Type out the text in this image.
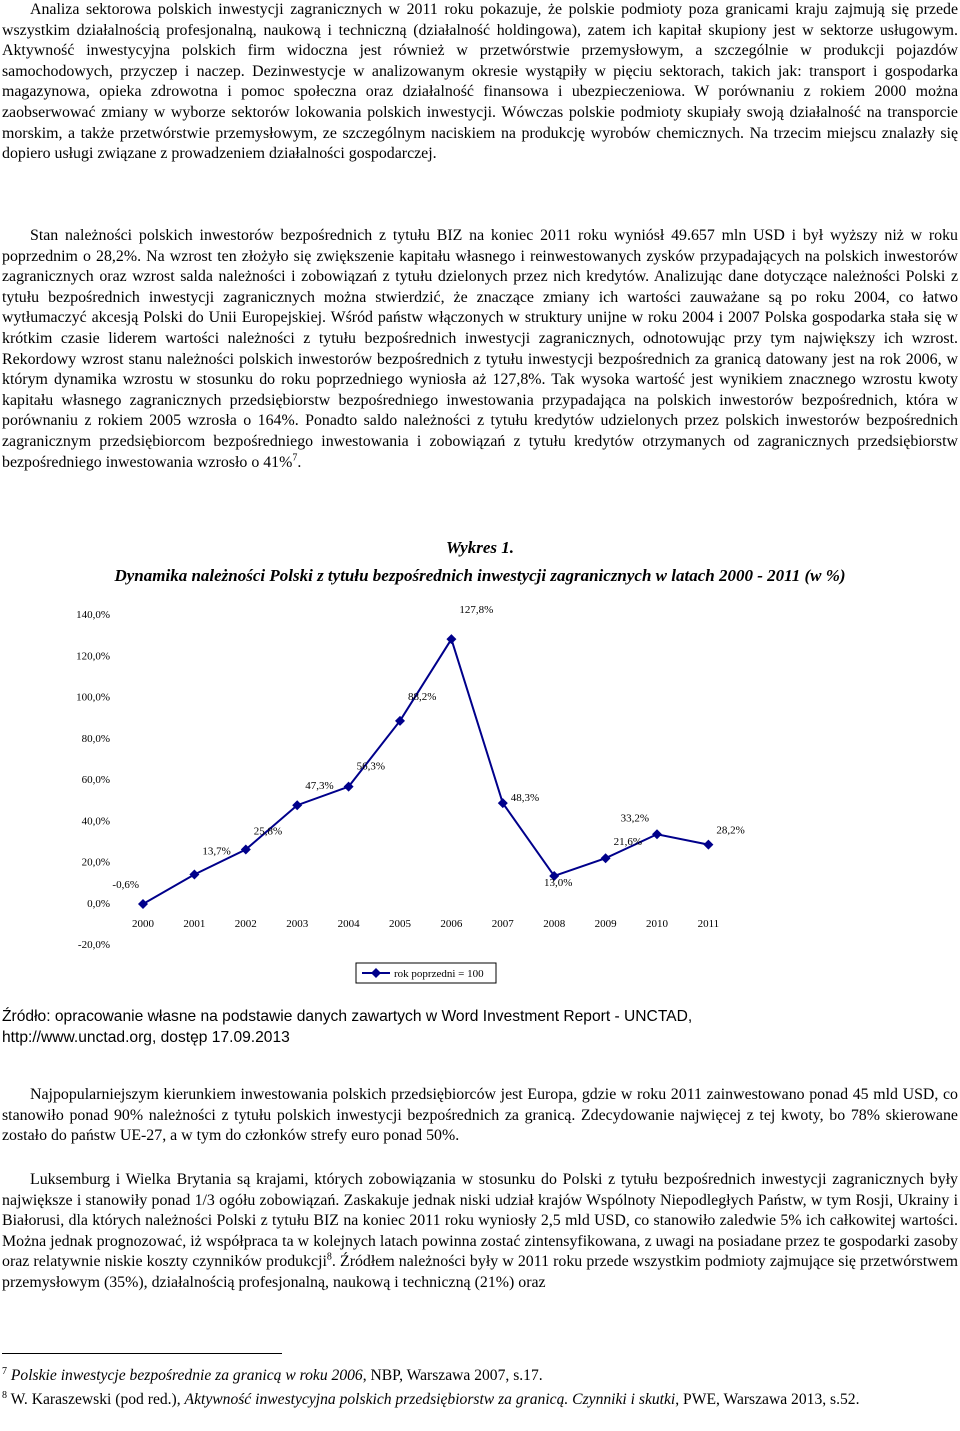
Analiza sektorowa polskich inwestycji zagranicznych w 2011 roku pokazuje, że polskie podmioty poza granicami kraju zajmują się przede wszystkim działalnością profesjonalną, naukową i techniczną (działalność holdingowa), zatem ich kapitał skupiony jest w sektorze usługowym. Aktywność inwestycyjna polskich firm widoczna jest również w przetwórstwie przemysłowym, a szczególnie w produkcji pojazdów samochodowych, przyczep i naczep. Dezinwestycje w analizowanym okresie wystąpiły w pięciu sektorach, takich jak: transport i gospodarka magazynowa, opieka zdrowotna i pomoc społeczna oraz działalność finansowa i ubezpieczeniowa. W porównaniu z rokiem 2000 można zaobserwować zmiany w wyborze sektorów lokowania polskich inwestycji. Wówczas polskie podmioty skupiały swoją działalność na transporcie morskim, a także przetwórstwie przemysłowym, ze szczególnym naciskiem na produkcję wyrobów chemicznych. Na trzecim miejscu znalazły się dopiero usługi związane z prowadzeniem działalności gospodarczej.

Stan należności polskich inwestorów bezpośrednich z tytułu BIZ na koniec 2011 roku wyniósł 49.657 mln USD i był wyższy niż w roku poprzednim o 28,2%. Na wzrost ten złożyło się zwiększenie kapitału własnego i reinwestowanych zysków przypadających na polskich inwestorów zagranicznych oraz wzrost salda należności i zobowiązań z tytułu dzielonych przez nich kredytów. Analizując dane dotyczące należności Polski z tytułu bezpośrednich inwestycji zagranicznych można stwierdzić, że znaczące zmiany ich wartości zauważane są po roku 2004, co łatwo wytłumaczyć akcesją Polski do Unii Europejskiej. Wśród państw włączonych w struktury unijne w roku 2004 i 2007 Polska gospodarka stała się w krótkim czasie liderem wartości należności z tytułu bezpośrednich inwestycji zagranicznych, odnotowując przy tym największy ich wzrost. Rekordowy wzrost stanu należności polskich inwestorów bezpośrednich z tytułu inwestycji bezpośrednich za granicą datowany jest na rok 2006, w którym dynamika wzrostu w stosunku do roku poprzedniego wyniosła aż 127,8%. Tak wysoka wartość jest wynikiem znacznego wzrostu kwoty kapitału własnego zagranicznych przedsiębiorstw bezpośredniego inwestowania przypadająca na polskich inwestorów bezpośrednich, która w porównaniu z rokiem 2005 wzrosła o 164%. Ponadto saldo należności z tytułu kredytów udzielonych przez polskich inwestorów bezpośrednich zagranicznym przedsiębiorcom bezpośredniego inwestowania i zobowiązań z tytułu kredytów otrzymanych od zagranicznych przedsiębiorstw bezpośredniego inwestowania wzrosło o 41%$^7$.

Wykres 1.

Dynamika należności Polski z tytułu bezpośrednich inwestycji zagranicznych w latach 2000 - 2011 (w %)

-20,0%
0,0%
20,0%
40,0%
60,0%
80,0%
100,0%
120,0%
140,0%
2000	2001	2002	2003	2004	2005	2006	2007	2008	2009	2010	2011
-0,6%
13,7%
25,8%
47,3%
56,3%
88,2%
127,8%
48,3%
13,0%
21,6%
33,2%
28,2%
rok poprzedni = 100

Źródło: opracowanie własne na podstawie danych zawartych w Word Investment Report - UNCTAD,
http://www.unctad.org, dostęp 17.09.2013

Najpopularniejszym kierunkiem inwestowania polskich przedsiębiorców jest Europa, gdzie w roku 2011 zainwestowano ponad 45 mld USD, co stanowiło ponad 90% należności z tytułu polskich inwestycji bezpośrednich za granicą. Zdecydowanie najwięcej z tej kwoty, bo 78% skierowane zostało do państw UE-27, a w tym do członków strefy euro ponad 50%.

Luksemburg i Wielka Brytania są krajami, których zobowiązania w stosunku do Polski z tytułu bezpośrednich inwestycji zagranicznych były największe i stanowiły ponad 1/3 ogółu zobowiązań. Zaskakuje jednak niski udział krajów Wspólnoty Niepodległych Państw, w tym Rosji, Ukrainy i Białorusi, dla których należności Polski z tytułu BIZ na koniec 2011 roku wyniosły 2,5 mld USD, co stanowiło zaledwie 5% ich całkowitej wartości. Można jednak prognozować, iż współpraca ta w kolejnych latach powinna zostać zintensyfikowana, z uwagi na posiadane przez te gospodarki zasoby oraz relatywnie niskie koszty czynników produkcji$^8$. Źródłem należności były w 2011 roku przede wszystkim podmioty zajmujące się przetwórstwem przemysłowym (35%), działalnością profesjonalną, naukową i techniczną (21%) oraz

$^7$ Polskie inwestycje bezpośrednie za granicą w roku 2006, NBP, Warszawa 2007, s.17.

$^8$ W. Karaszewski (pod red.), Aktywność inwestycyjna polskich przedsiębiorstw za granicą. Czynniki i skutki, PWE, Warszawa 2013, s.52.
